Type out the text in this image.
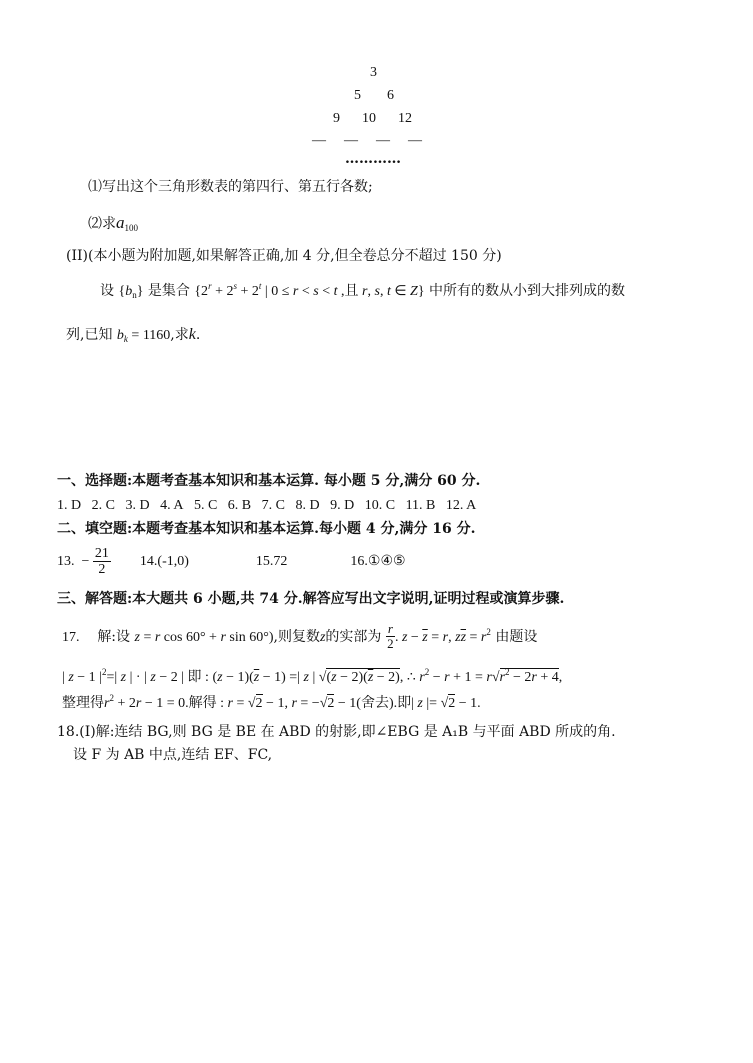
3
5 6
9 10 12
— — — —
…………
⑴写出这个三角形数表的第四行、第五行各数;
⑵求$a_{100}$
(II)(本小题为附加题,如果解答正确,加 4 分,但全卷总分不超过 150 分)
设 $\{b_n\}$ 是集合 {$2^r + 2^s + 2^t$ | 0 ≤ r < s < t ,且 r, s, t ∈ Z} 中所有的数从小到大排列成的数
列,已知 $b_k = 1160$,求k.
一、选择题:本题考查基本知识和基本运算. 每小题 5 分,满分 60 分.
1. D 2. C 3. D 4. A 5. C 6. B 7. C 8. D 9. D 10. C 11. B 12. A
二、填空题:本题考查基本知识和基本运算.每小题 4 分,满分 16 分.
13.  − $\frac{21}{2} 14.(-1,0)$	15.72	16.①④⑤
三、解答题:本大题共 6 小题,共 74 分.解答应写出文字说明,证明过程或演算步骤.
17. 解:设 z = r cos 60° + r sin 60°),则复数z的实部为 $\frac{r}{2}$ . $z - \overline{z} = r$, $z\overline{z} = r^2$ 由题设
| z − 1 $|^2=|$ z | · | z − 2 | 即 : $(z - 1)(\overline{z} - 1)$ =| z | $√(z - 2)(\overline{z} - 2)$, ∴ $r^2 - r + 1 = r√r^2 - 2r + 4$,
整理得$r^2 + 2r - 1 = 0$.解得 : r = √2 − 1, r = −√2 − 1(舍去).即| z |= √2 − 1.
18.(Ⅰ)解:连结 BG,则 BG 是 BE 在 ABD 的射影,即∠EBG 是 A₁B 与平面 ABD 所成的角.
设 F 为 AB 中点,连结 EF、FC,
